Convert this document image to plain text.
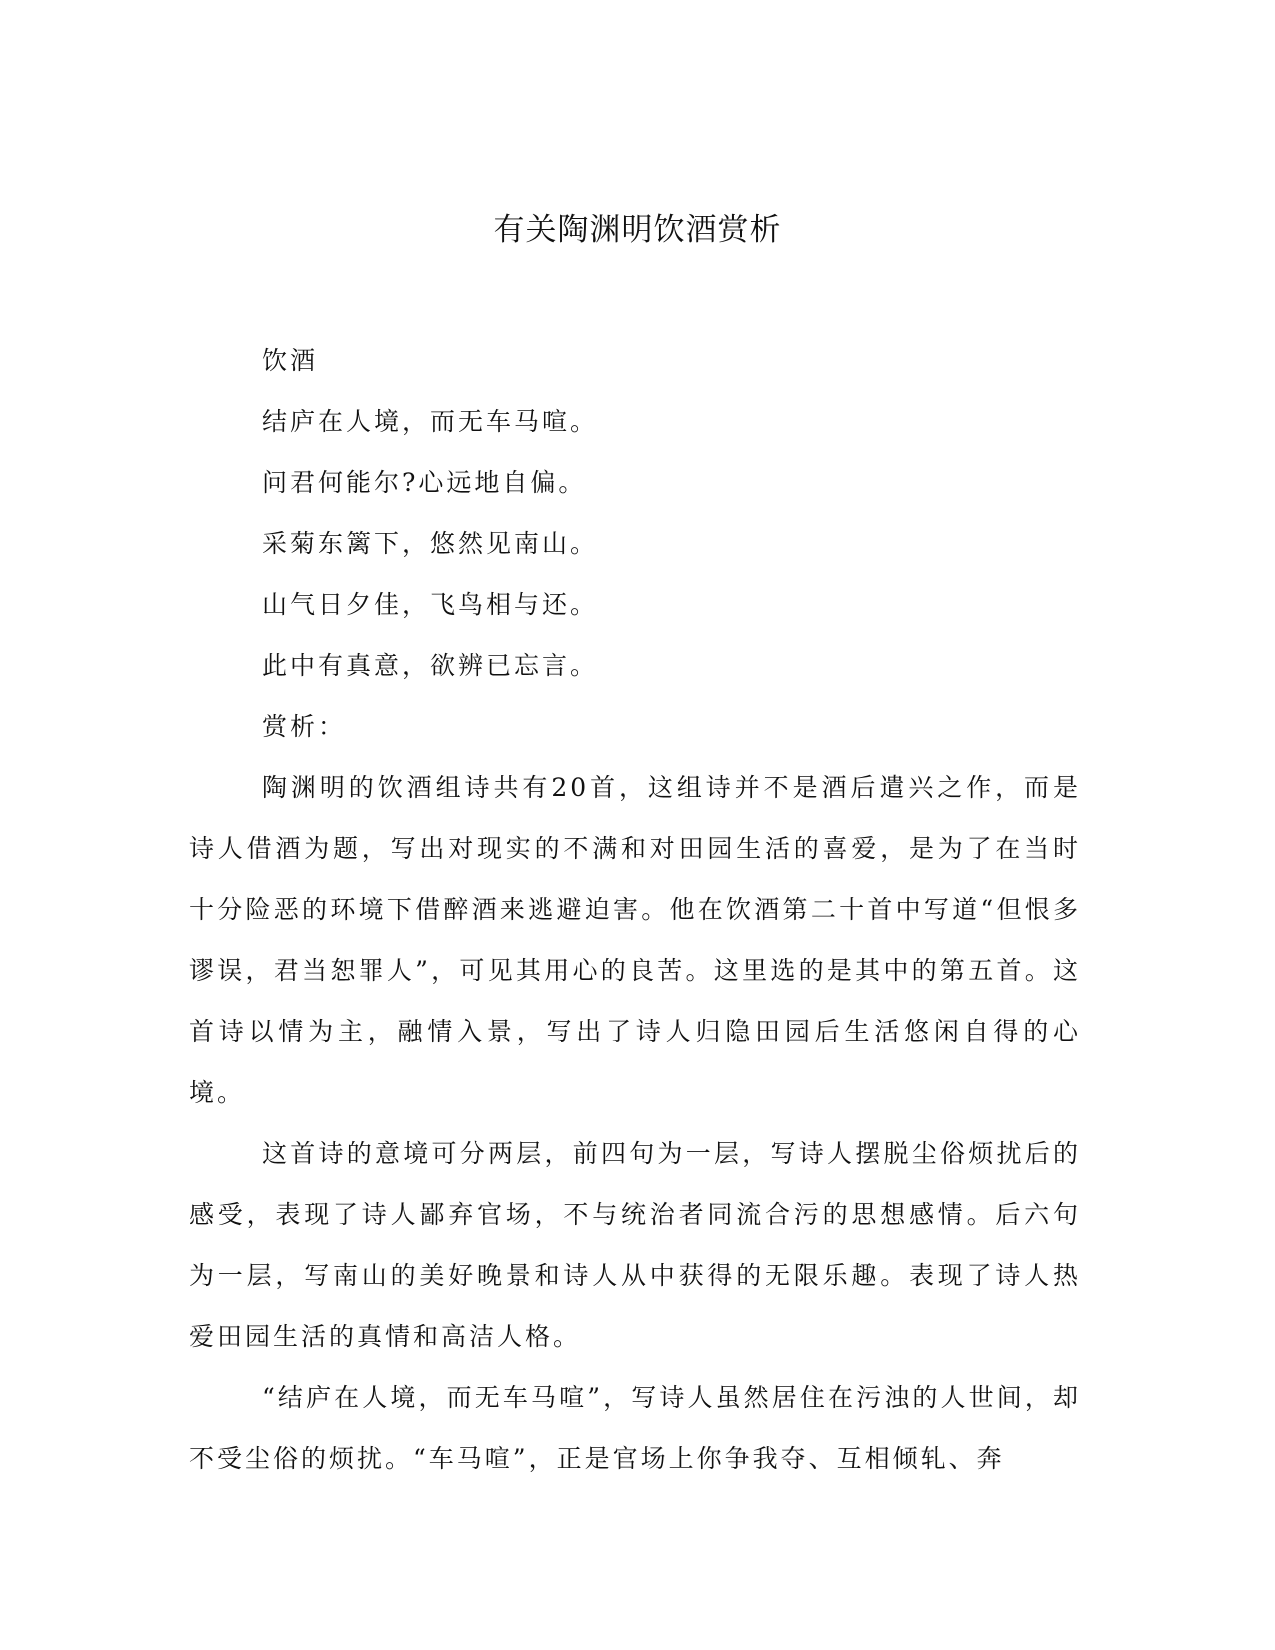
有关陶渊明饮酒赏析
饮酒
结庐在人境，而无车马喧。
问君何能尔?心远地自偏。
采菊东篱下，悠然见南山。
山气日夕佳，飞鸟相与还。
此中有真意，欲辨已忘言。
赏析：

陶渊明的饮酒组诗共有20首，这组诗并不是酒后遣兴之作，而是诗人借酒为题，写出对现实的不满和对田园生活的喜爱，是为了在当时十分险恶的环境下借醉酒来逃避迫害。他在饮酒第二十首中写道“但恨多谬误，君当恕罪人”，可见其用心的良苦。这里选的是其中的第五首。这首诗以情为主，融情入景，写出了诗人归隐田园后生活悠闲自得的心境。

这首诗的意境可分两层，前四句为一层，写诗人摆脱尘俗烦扰后的感受，表现了诗人鄙弃官场，不与统治者同流合污的思想感情。后六句为一层，写南山的美好晚景和诗人从中获得的无限乐趣。表现了诗人热爱田园生活的真情和高洁人格。

“结庐在人境，而无车马喧”，写诗人虽然居住在污浊的人世间，却不受尘俗的烦扰。“车马喧”，正是官场上你争我夺、互相倾轧、奔
